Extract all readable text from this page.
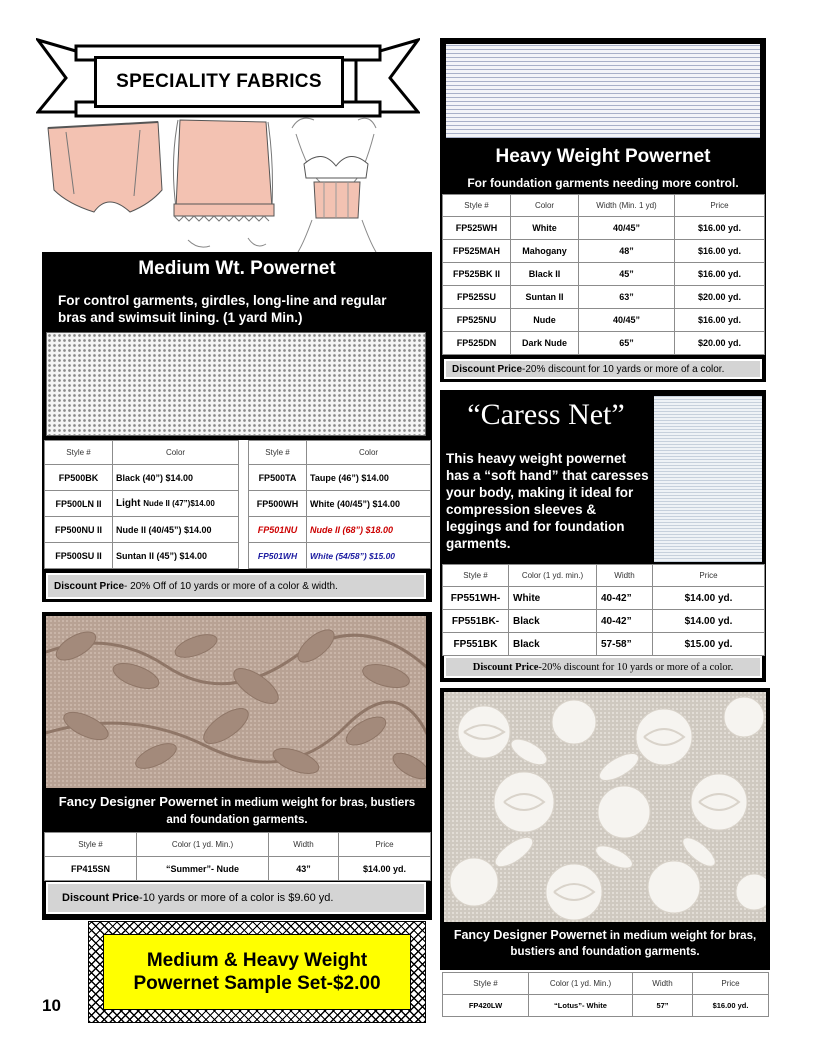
SPECIALITY FABRICS
Medium Wt. Powernet
For control garments, girdles, long-line and regular bras and swimsuit lining. (1 yard Min.)
Style #	Color		Style #	Color
FP500BK	Black (40”) $14.00		FP500TA	Taupe (46”) $14.00
FP500LN II	Light Nude II (47”)$14.00		FP500WH	White (40/45”) $14.00
FP500NU II	Nude II (40/45”) $14.00		FP501NU	Nude II (68”) $18.00
FP500SU II	Suntan II (45”) $14.00		FP501WH	White (54/58”) $15.00
Discount Price - 20% Off of 10 yards or more of a color & width.
Fancy Designer Powernet in medium weight for bras, bustiers and foundation garments.
Style #	Color (1 yd. Min.)	Width	Price
FP415SN	“Summer”- Nude	43”	$14.00 yd.
Discount Price -10 yards or more of a color is $9.60 yd.
Medium & Heavy Weight
Powernet Sample Set-$2.00
10
Heavy Weight Powernet
For foundation garments needing more control.
Style #	Color	Width (Min. 1 yd)	Price
FP525WH	White	40/45”	$16.00 yd.
FP525MAH	Mahogany	48”	$16.00 yd.
FP525BK II	Black II	45”	$16.00 yd.
FP525SU	Suntan II	63”	$20.00 yd.
FP525NU	Nude	40/45”	$16.00 yd.
FP525DN	Dark Nude	65”	$20.00 yd.
Discount Price -20% discount for 10 yards or more of a color.
“Caress Net”
This heavy weight powernet has a “soft hand” that caresses your body, making it ideal for compression sleeves & leggings and for foundation garments.
Style #	Color (1 yd. min.)	Width	Price
FP551WH-	White	40-42”	$14.00 yd.
FP551BK-	Black	40-42”	$14.00 yd.
FP551BK	Black	57-58”	$15.00 yd.
Discount Price -20% discount for 10 yards or more of a color.
Fancy Designer Powernet in medium weight for bras, bustiers and foundation garments.
Style #	Color (1 yd. Min.)	Width	Price
FP420LW	“Lotus”- White	57”	$16.00 yd.
